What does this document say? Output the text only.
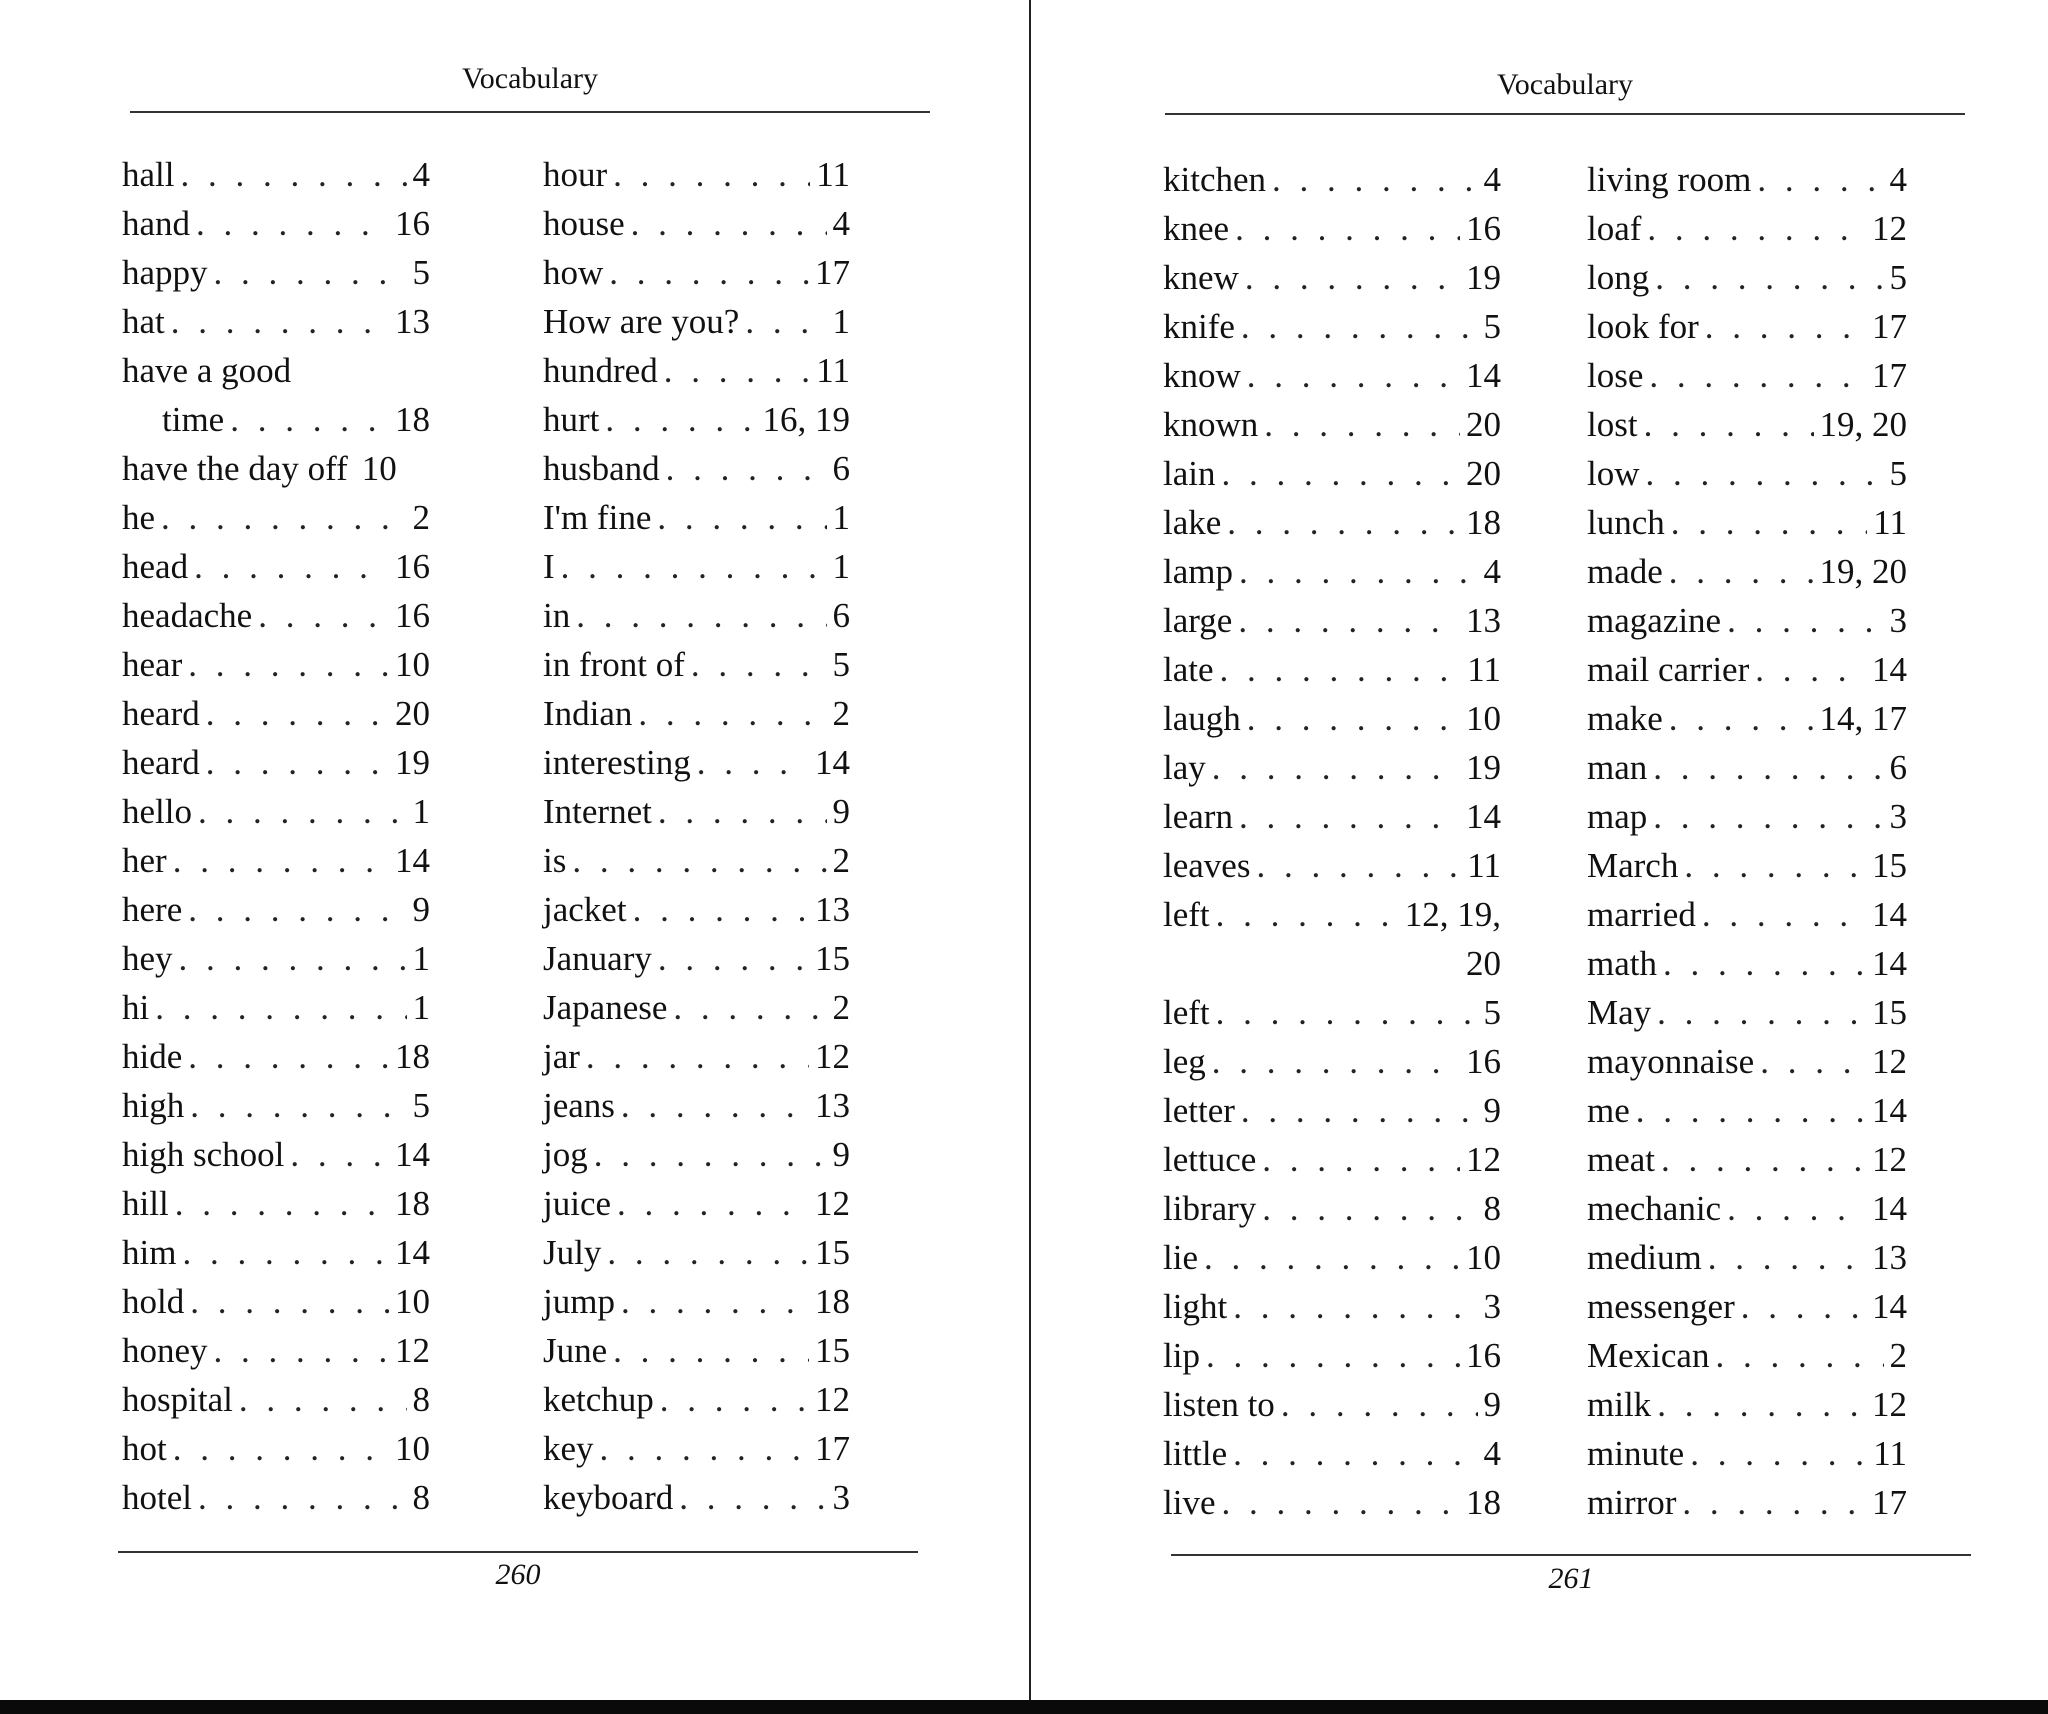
Vocabulary
hall . . .	4
hand . . .	16
happy . . .	5
hat . . .	13
have a good
time . . .	18
have the day off 10
he . . .	2
head . . .	16
headache . . .	16
hear . . .	10
heard . . .	20
heard . . .	19
hello . . .	1
her . . .	14
here . . .	9
hey . . .	1
hi . . .	1
hide . . .	18
high . . .	5
high school . . .	14
hill . . .	18
him . . .	14
hold . . .	10
honey . . .	12
hospital . . .	8
hot . . .	10
hotel . . .	8
hour . . .	11
house . . .	4
how . . .	17
How are you? . . .	1
hundred . . .	11
hurt . . .	16, 19
husband . . .	6
I'm fine . . .	1
I . . .	1
in . . .	6
in front of . . .	5
Indian . . .	2
interesting . . .	14
Internet . . .	9
is . . .	2
jacket . . .	13
January . . .	15
Japanese . . .	2
jar . . .	12
jeans . . .	13
jog . . .	9
juice . . .	12
July . . .	15
jump . . .	18
June . . .	15
ketchup . . .	12
key . . .	17
keyboard . . .	3
260
Vocabulary
kitchen . . .	4
knee . . .	16
knew . . .	19
knife . . .	5
know . . .	14
known . . .	20
lain . . .	20
lake . . .	18
lamp . . .	4
large . . .	13
late . . .	11
laugh . . .	10
lay . . .	19
learn . . .	14
leaves . . .	11
left . . .	12, 19,
20
left . . .	5
leg . . .	16
letter . . .	9
lettuce . . .	12
library . . .	8
lie . . .	10
light . . .	3
lip . . .	16
listen to . . .	9
little . . .	4
live . . .	18
living room . . .	4
loaf . . .	12
long . . .	5
look for . . .	17
lose . . .	17
lost . . .	19, 20
low . . .	5
lunch . . .	11
made . . .	19, 20
magazine . . .	3
mail carrier . . .	14
make . . .	14, 17
man . . .	6
map . . .	3
March . . .	15
married . . .	14
math . . .	14
May . . .	15
mayonnaise . . .	12
me . . .	14
meat . . .	12
mechanic . . .	14
medium . . .	13
messenger . . .	14
Mexican . . .	2
milk . . .	12
minute . . .	11
mirror . . .	17
261
